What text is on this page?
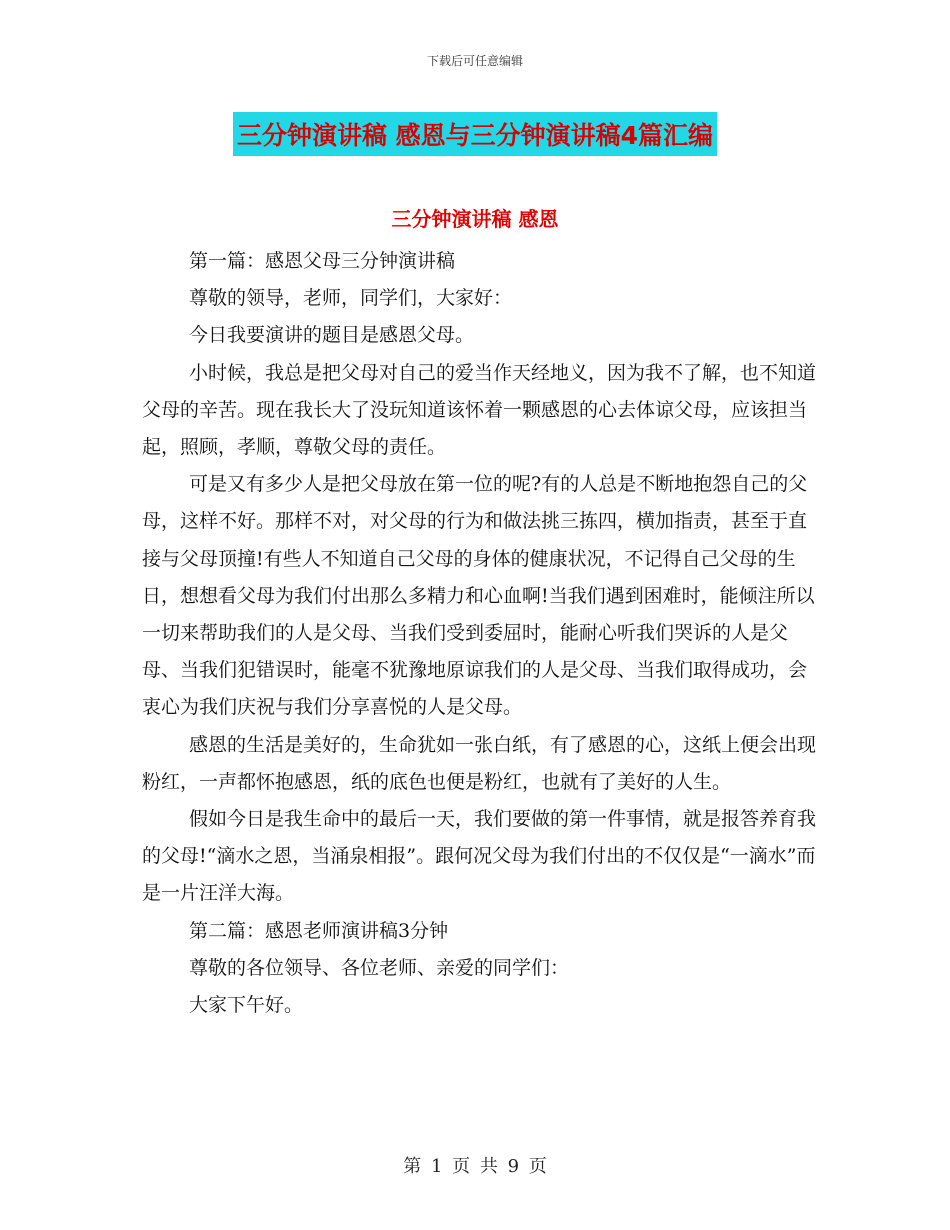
下载后可任意编辑
三分钟演讲稿 感恩与三分钟演讲稿4篇汇编
三分钟演讲稿 感恩

第一篇：感恩父母三分钟演讲稿

尊敬的领导，老师，同学们，大家好：

今日我要演讲的题目是感恩父母。

小时候，我总是把父母对自己的爱当作天经地义，因为我不了解，也不知道父母的辛苦。现在我长大了没玩知道该怀着一颗感恩的心去体谅父母，应该担当起，照顾，孝顺，尊敬父母的责任。

可是又有多少人是把父母放在第一位的呢?有的人总是不断地抱怨自己的父母，这样不好。那样不对，对父母的行为和做法挑三拣四，横加指责，甚至于直接与父母顶撞!有些人不知道自己父母的身体的健康状况，不记得自己父母的生日，想想看父母为我们付出那么多精力和心血啊!当我们遇到困难时，能倾注所以一切来帮助我们的人是父母、当我们受到委屈时，能耐心听我们哭诉的人是父母、当我们犯错误时，能毫不犹豫地原谅我们的人是父母、当我们取得成功，会衷心为我们庆祝与我们分享喜悦的人是父母。

感恩的生活是美好的，生命犹如一张白纸，有了感恩的心，这纸上便会出现粉红，一声都怀抱感恩，纸的底色也便是粉红，也就有了美好的人生。

假如今日是我生命中的最后一天，我们要做的第一件事情，就是报答养育我的父母!“滴水之恩，当涌泉相报”。跟何况父母为我们付出的不仅仅是“一滴水”而是一片汪洋大海。

第二篇：感恩老师演讲稿3分钟

尊敬的各位领导、各位老师、亲爱的同学们：

大家下午好。

第 1 页 共 9 页
